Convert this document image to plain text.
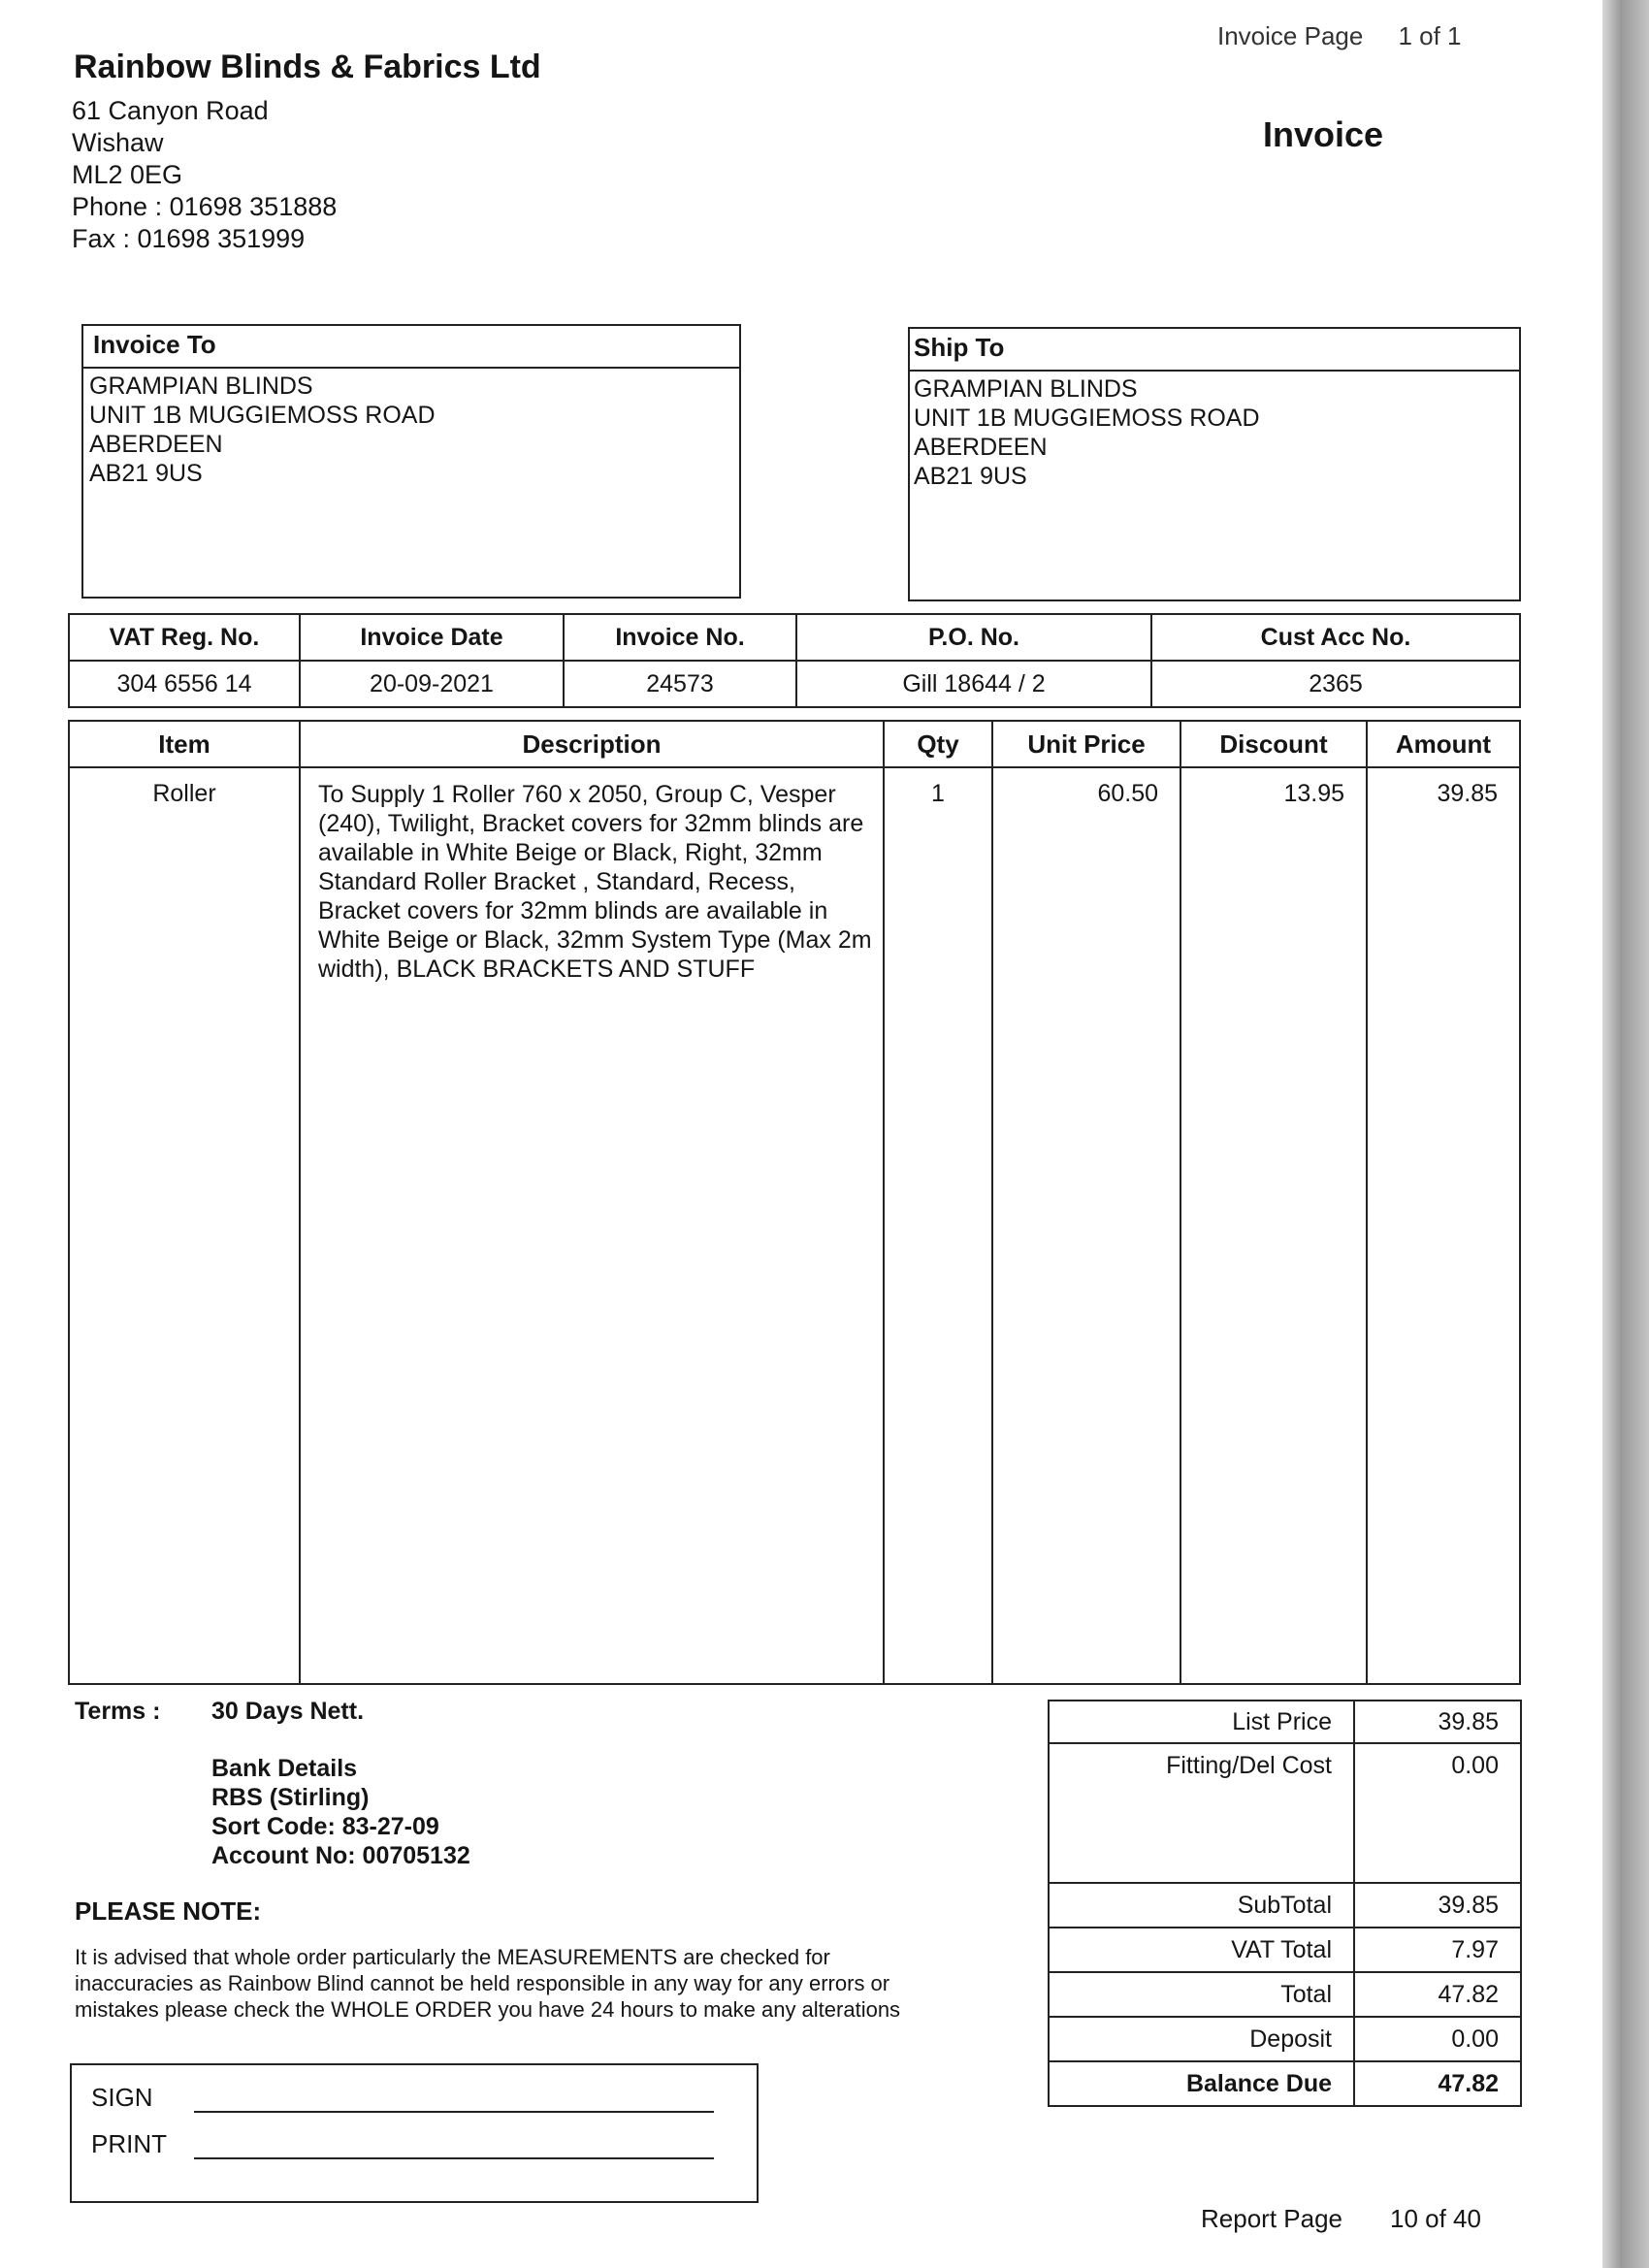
Invoice Page 1 of 1
Rainbow Blinds & Fabrics Ltd
61 Canyon Road
Wishaw
ML2 0EG
Phone : 01698 351888
Fax : 01698 351999
Invoice
Invoice To
GRAMPIAN BLINDS
UNIT 1B MUGGIEMOSS ROAD
ABERDEEN
AB21 9US
Ship To
GRAMPIAN BLINDS
UNIT 1B MUGGIEMOSS ROAD
ABERDEEN
AB21 9US
VAT Reg. No.	Invoice Date	Invoice No.	P.O. No.	Cust Acc No.
304 6556 14	20-09-2021	24573	Gill 18644 / 2	2365
Item	Description	Qty	Unit Price	Discount	Amount
Roller	To Supply 1 Roller 760 x 2050, Group C, Vesper (240), Twilight, Bracket covers for 32mm blinds are available in White Beige or Black, Right, 32mm Standard Roller Bracket , Standard, Recess, Bracket covers for 32mm blinds are available in White Beige or Black, 32mm System Type (Max 2m width), BLACK BRACKETS AND STUFF	1	60.50	13.95	39.85
Terms : 30 Days Nett.
Bank Details
RBS (Stirling)
Sort Code: 83-27-09
Account No: 00705132
PLEASE NOTE:
It is advised that whole order particularly the MEASUREMENTS are checked for
inaccuracies as Rainbow Blind cannot be held responsible in any way for any errors or
mistakes please check the WHOLE ORDER you have 24 hours to make any alterations
SIGN
PRINT
List Price	39.85
Fitting/Del Cost	0.00
SubTotal	39.85
VAT Total	7.97
Total	47.82
Deposit	0.00
Balance Due	47.82
Report Page 10 of 40
